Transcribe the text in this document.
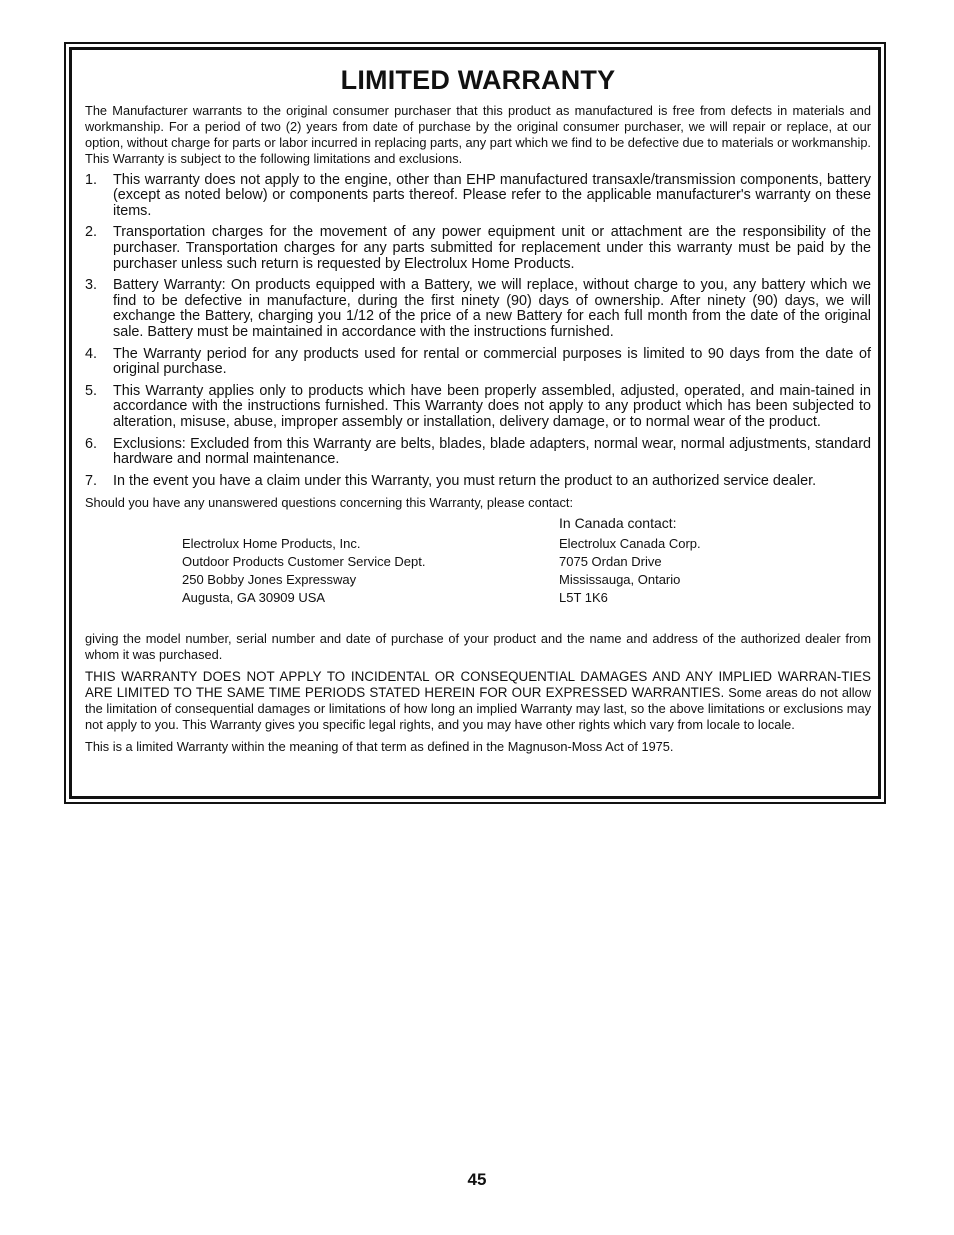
LIMITED WARRANTY

The Manufacturer warrants to the original consumer purchaser that this product as manufactured is free from defects in materials and workmanship. For a period of two (2) years from date of purchase by the original consumer purchaser, we will repair or replace, at our option, without charge for parts or labor incurred in replacing parts, any part which we find to be defective due to materials or workmanship. This Warranty is subject to the following limitations and exclusions.

1. This warranty does not apply to the engine, other than EHP manufactured transaxle/transmission components, battery (except as noted below) or components parts thereof. Please refer to the applicable manufacturer's warranty on these items.
2. Transportation charges for the movement of any power equipment unit or attachment are the responsibility of the purchaser. Transportation charges for any parts submitted for replacement under this warranty must be paid by the purchaser unless such return is requested by Electrolux Home Products.
3. Battery Warranty: On products equipped with a Battery, we will replace, without charge to you, any battery which we find to be defective in manufacture, during the first ninety (90) days of ownership. After ninety (90) days, we will exchange the Battery, charging you 1/12 of the price of a new Battery for each full month from the date of the original sale. Battery must be maintained in accordance with the instructions furnished.
4. The Warranty period for any products used for rental or commercial purposes is limited to 90 days from the date of original purchase.
5. This Warranty applies only to products which have been properly assembled, adjusted, operated, and main-tained in accordance with the instructions furnished. This Warranty does not apply to any product which has been subjected to alteration, misuse, abuse, improper assembly or installation, delivery damage, or to normal wear of the product.
6. Exclusions: Excluded from this Warranty are belts, blades, blade adapters, normal wear, normal adjustments, standard hardware and normal maintenance.
7. In the event you have a claim under this Warranty, you must return the product to an authorized service dealer.

Should you have any unanswered questions concerning this Warranty, please contact:

In Canada contact:
Electrolux Home Products, Inc.
Outdoor Products Customer Service Dept.
250 Bobby Jones Expressway
Augusta, GA 30909 USA
Electrolux Canada Corp.
7075 Ordan Drive
Mississauga, Ontario
L5T 1K6

giving the model number, serial number and date of purchase of your product and the name and address of the authorized dealer from whom it was purchased.

THIS WARRANTY DOES NOT APPLY TO INCIDENTAL OR CONSEQUENTIAL DAMAGES AND ANY IMPLIED WARRAN-TIES ARE LIMITED TO THE SAME TIME PERIODS STATED HEREIN FOR OUR EXPRESSED WARRANTIES. Some areas do not allow the limitation of consequential damages or limitations of how long an implied Warranty may last, so the above limitations or exclusions may not apply to you. This Warranty gives you specific legal rights, and you may have other rights which vary from locale to locale.

This is a limited Warranty within the meaning of that term as defined in the Magnuson-Moss Act of 1975.

45
